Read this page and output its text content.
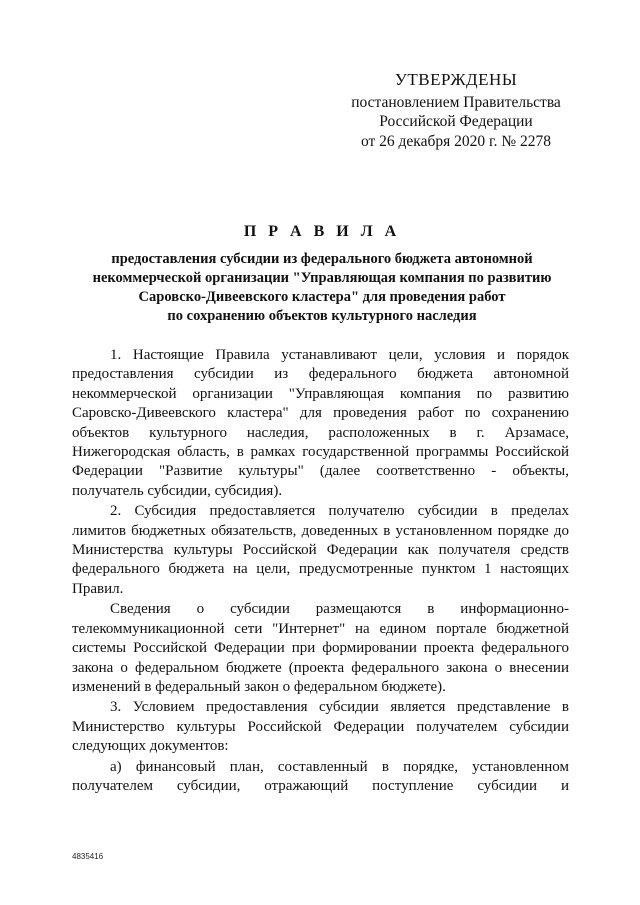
УТВЕРЖДЕНЫ
постановлением Правительства
Российской Федерации
от 26 декабря 2020 г. № 2278
П Р А В И Л А
предоставления субсидии из федерального бюджета автономной
некоммерческой организации "Управляющая компания по развитию
Саровско-Дивеевского кластера" для проведения работ
по сохранению объектов культурного наследия

1. Настоящие Правила устанавливают цели, условия и порядок предоставления субсидии из федерального бюджета автономной некоммерческой организации "Управляющая компания по развитию Саровско-Дивеевского кластера" для проведения работ по сохранению объектов культурного наследия, расположенных в г. Арзамасе, Нижегородская область, в рамках государственной программы Российской Федерации "Развитие культуры" (далее соответственно - объекты, получатель субсидии, субсидия).

2. Субсидия предоставляется получателю субсидии в пределах лимитов бюджетных обязательств, доведенных в установленном порядке до Министерства культуры Российской Федерации как получателя средств федерального бюджета на цели, предусмотренные пунктом 1 настоящих Правил.

Сведения о субсидии размещаются в информационно-телекоммуникационной сети "Интернет" на едином портале бюджетной системы Российской Федерации при формировании проекта федерального закона о федеральном бюджете (проекта федерального закона о внесении изменений в федеральный закон о федеральном бюджете).

3. Условием предоставления субсидии является представление в Министерство культуры Российской Федерации получателем субсидии следующих документов:

а) финансовый план, составленный в порядке, установленном получателем субсидии, отражающий поступление субсидии и

4835416
